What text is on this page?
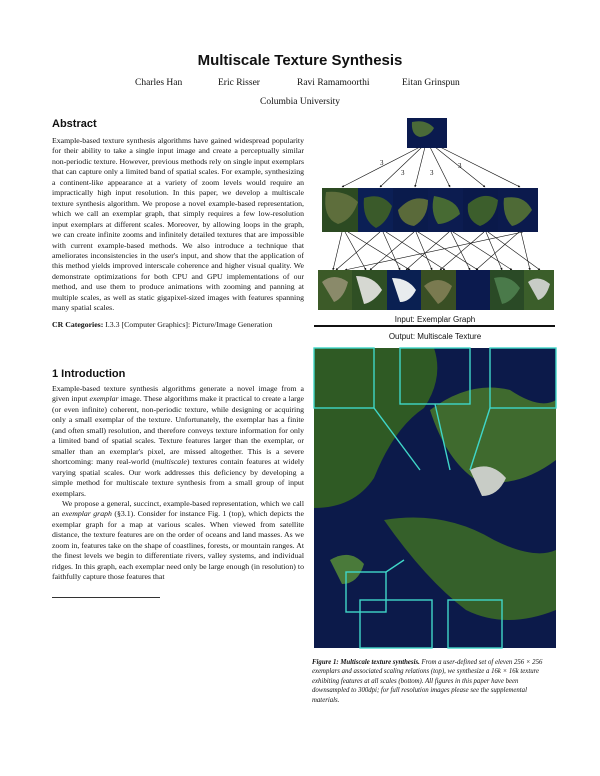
Multiscale Texture Synthesis
Charles Han	Eric Risser	Ravi Ramamoorthi	Eitan Grinspun
Columbia University
Abstract

Example-based texture synthesis algorithms have gained widespread popularity for their ability to take a single input image and create a perceptually similar non-periodic texture. However, previous methods rely on single input exemplars that can capture only a limited band of spatial scales. For example, synthesizing a continent-like appearance at a variety of zoom levels would require an impractically high input resolution. In this paper, we develop a multiscale texture synthesis algorithm. We propose a novel example-based representation, which we call an exemplar graph, that simply requires a few low-resolution input exemplars at different scales. Moreover, by allowing loops in the graph, we can create infinite zooms and infinitely detailed textures that are impossible with current example-based methods. We also introduce a technique that ameliorates inconsistencies in the user's input, and show that the application of this method yields improved interscale coherence and higher visual quality. We demonstrate optimizations for both CPU and GPU implementations of our method, and use them to produce animations with zooming and panning at multiple scales, as well as static gigapixel-sized images with features spanning many spatial scales.

CR Categories: I.3.3 [Computer Graphics]: Picture/Image Generation

1 Introduction

Example-based texture synthesis algorithms generate a novel image from a given input exemplar image. These algorithms make it practical to create a large (or even infinite) coherent, non-periodic texture, while designing or acquiring only a small exemplar of the texture. Unfortunately, the exemplar has a finite (and often small) resolution, and therefore conveys texture information for only a limited band of spatial scales. Texture features larger than the exemplar, or smaller than an exemplar's pixel, are missed altogether. This is a severe shortcoming: many real-world (multiscale) textures contain features at widely varying spatial scales. Our work addresses this deficiency by developing a simple method for multiscale texture synthesis from a small group of input exemplars.

We propose a general, succinct, example-based representation, which we call an exemplar graph (§3.1). Consider for instance Fig. 1 (top), which depicts the exemplar graph for a map at various scales. When viewed from satellite distance, the texture features are on the order of oceans and land masses. As we zoom in, features take on the shape of coastlines, forests, or mountain ranges. At the finest levels we begin to differentiate rivers, valley systems, and individual ridges. In this graph, each exemplar need only be large enough (in resolution) to faithfully capture those features that

3
3	3
3
Input: Exemplar Graph
Output: Multiscale Texture
Figure 1: Multiscale texture synthesis. From a user-defined set of eleven 256 × 256 exemplars and associated scaling relations (top), we synthesize a 16k × 16k texture exhibiting features at all scales (bottom). All figures in this paper have been downsampled to 300dpi; for full resolution images please see the supplemental materials.
